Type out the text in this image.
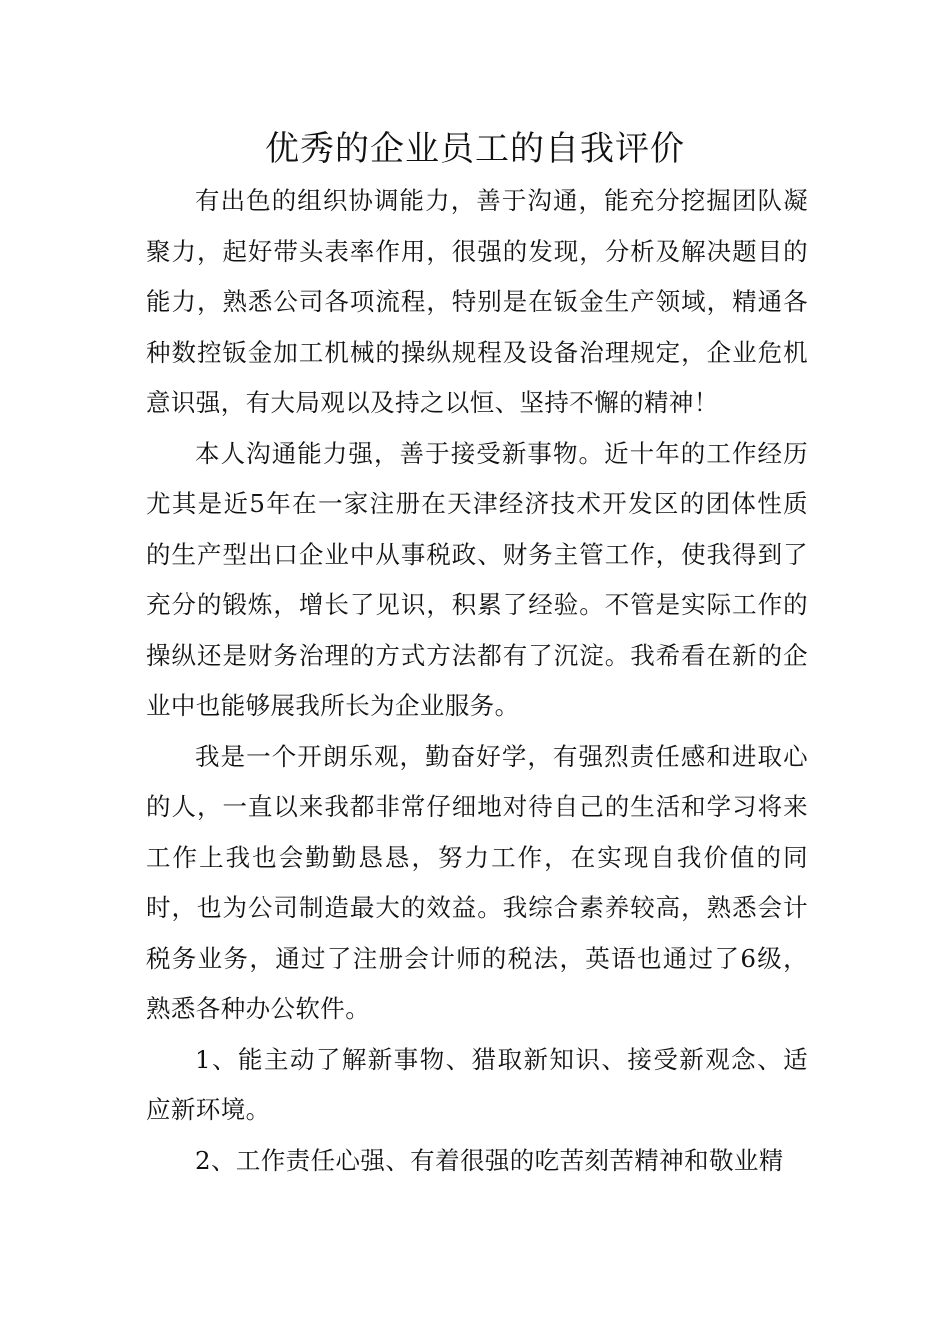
优秀的企业员工的自我评价

有出色的组织协调能力，善于沟通，能充分挖掘团队凝聚力，起好带头表率作用，很强的发现，分析及解决题目的能力，熟悉公司各项流程，特别是在钣金生产领域，精通各种数控钣金加工机械的操纵规程及设备治理规定，企业危机意识强，有大局观以及持之以恒、坚持不懈的精神！

本人沟通能力强，善于接受新事物。近十年的工作经历尤其是近5年在一家注册在天津经济技术开发区的团体性质的生产型出口企业中从事税政、财务主管工作，使我得到了充分的锻炼，增长了见识，积累了经验。不管是实际工作的操纵还是财务治理的方式方法都有了沉淀。我希看在新的企业中也能够展我所长为企业服务。

我是一个开朗乐观，勤奋好学，有强烈责任感和进取心的人，一直以来我都非常仔细地对待自己的生活和学习将来工作上我也会勤勤恳恳，努力工作，在实现自我价值的同时，也为公司制造最大的效益。我综合素养较高，熟悉会计税务业务，通过了注册会计师的税法，英语也通过了6级，熟悉各种办公软件。

1、能主动了解新事物、猎取新知识、接受新观念、适应新环境。

2、工作责任心强、有着很强的吃苦刻苦精神和敬业精
